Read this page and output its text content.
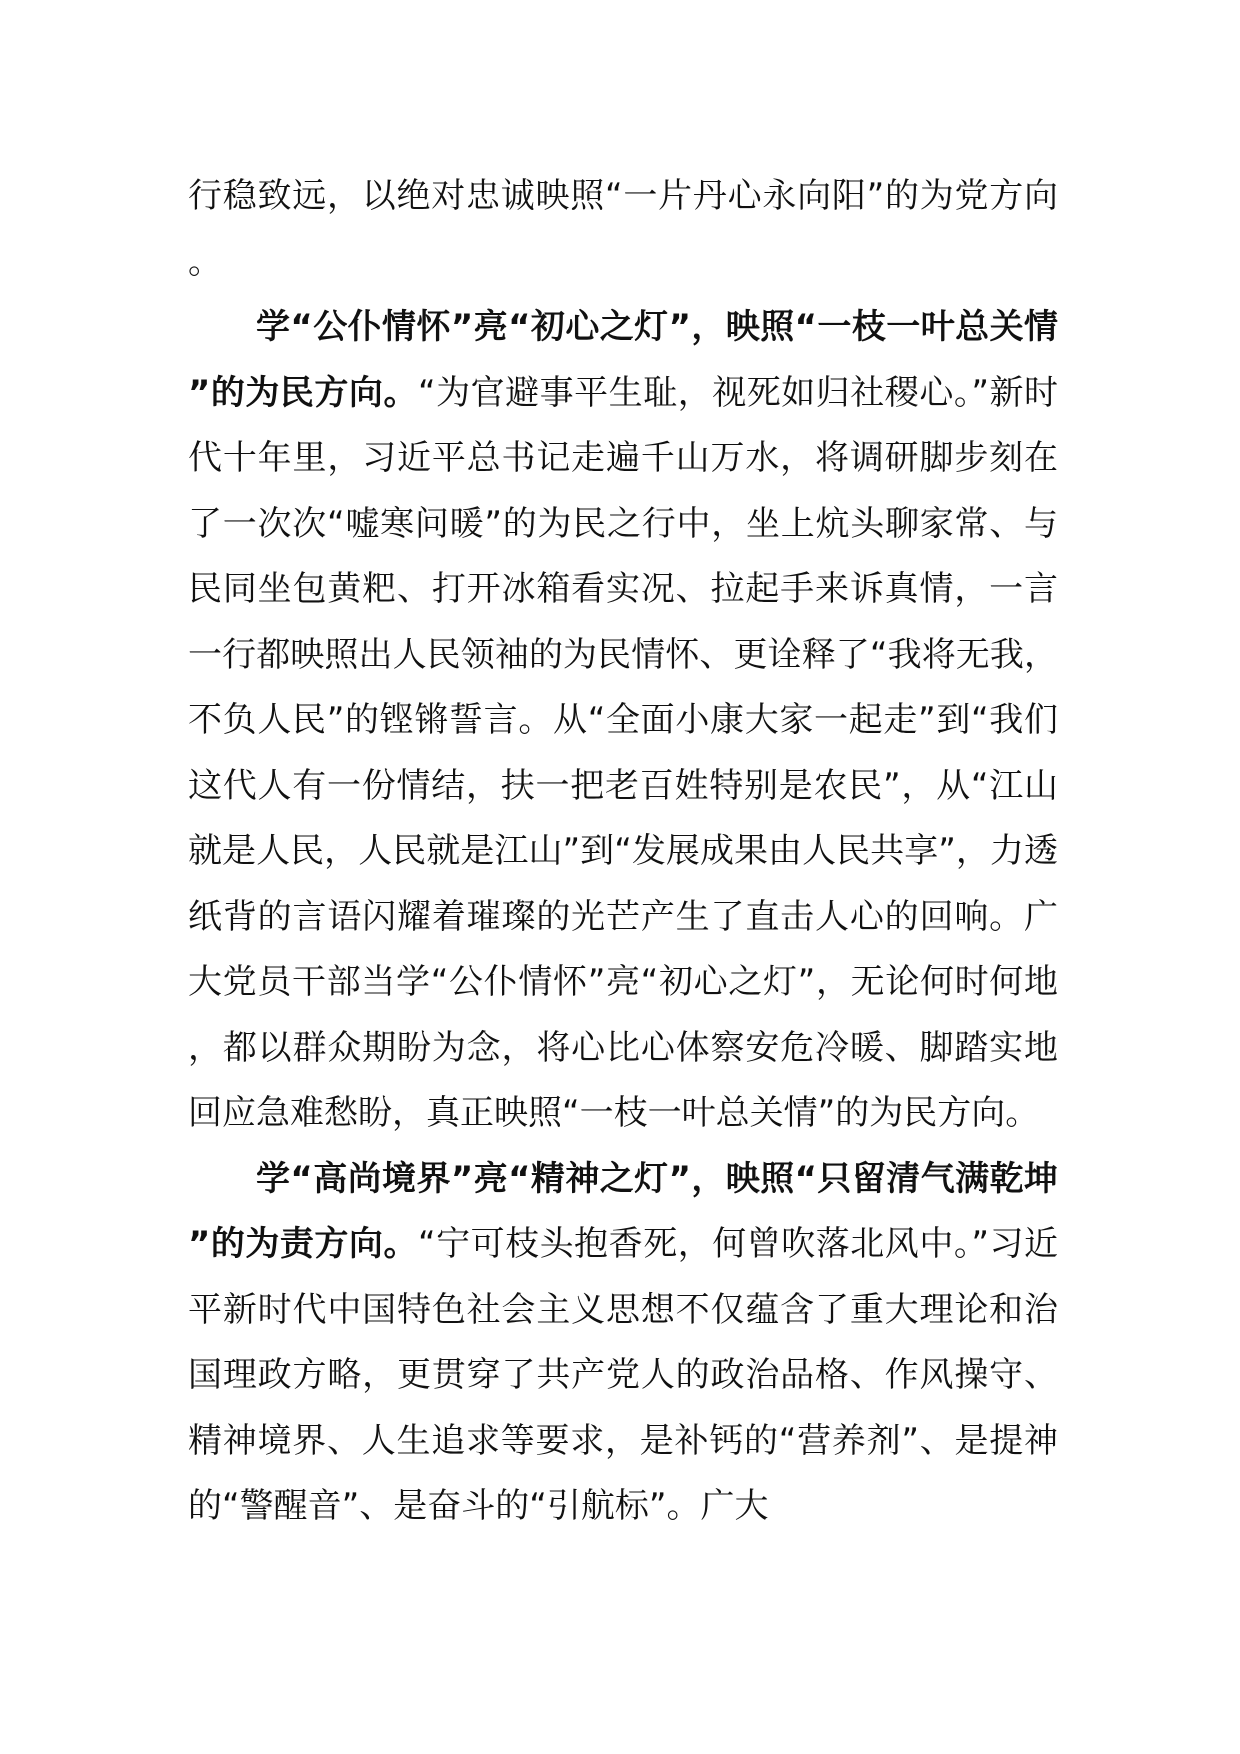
行稳致远，以绝对忠诚映照“一片丹心永向阳”的为党方向。

学“公仆情怀”亮“初心之灯”，映照“一枝一叶总关情”的为民方向。“为官避事平生耻，视死如归社稷心。”新时代十年里，习近平总书记走遍千山万水，将调研脚步刻在了一次次“嘘寒问暖”的为民之行中，坐上炕头聊家常、与民同坐包黄粑、打开冰箱看实况、拉起手来诉真情，一言一行都映照出人民领袖的为民情怀、更诠释了“我将无我，不负人民”的铿锵誓言。从“全面小康大家一起走”到“我们这代人有一份情结，扶一把老百姓特别是农民”，从“江山就是人民，人民就是江山”到“发展成果由人民共享”，力透纸背的言语闪耀着璀璨的光芒产生了直击人心的回响。广大党员干部当学“公仆情怀”亮“初心之灯”，无论何时何地，都以群众期盼为念，将心比心体察安危冷暖、脚踏实地回应急难愁盼，真正映照“一枝一叶总关情”的为民方向。

学“高尚境界”亮“精神之灯”，映照“只留清气满乾坤”的为责方向。“宁可枝头抱香死，何曾吹落北风中。”习近平新时代中国特色社会主义思想不仅蕴含了重大理论和治国理政方略，更贯穿了共产党人的政治品格、作风操守、精神境界、人生追求等要求，是补钙的“营养剂”、是提神的“警醒音”、是奋斗的“引航标”。广大
